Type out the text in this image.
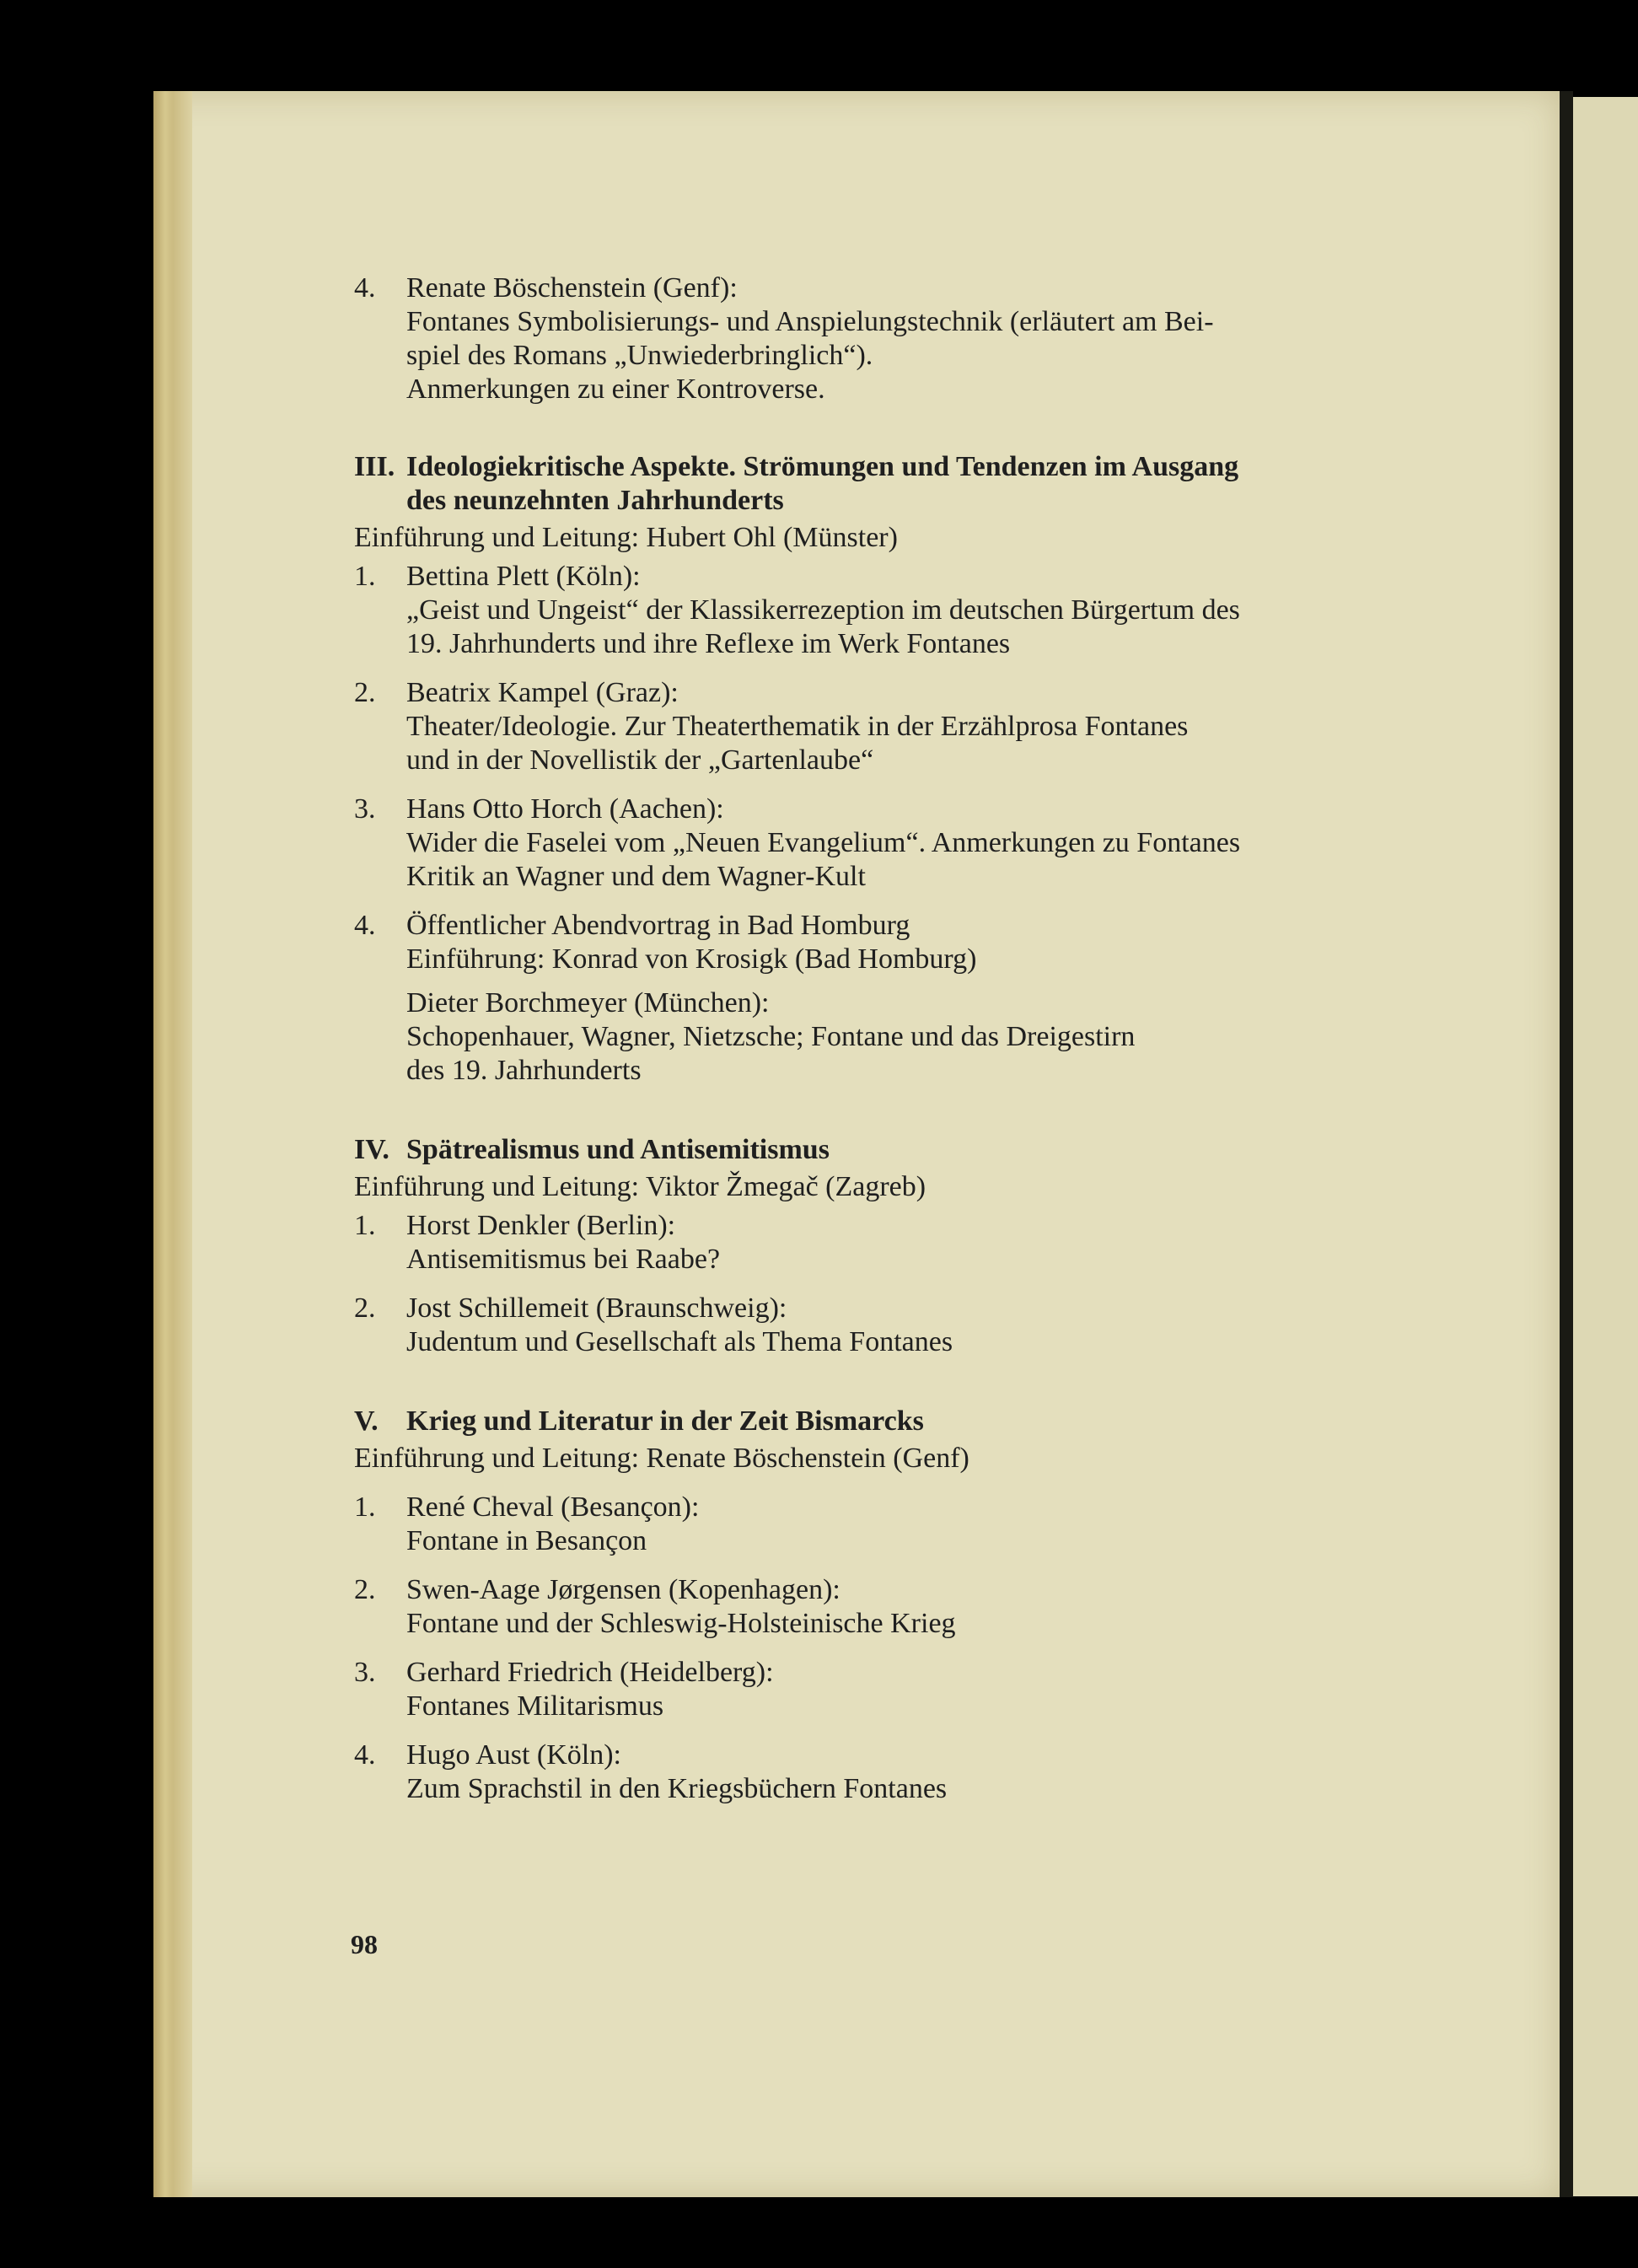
4. Renate Böschenstein (Genf):
Fontanes Symbolisierungs- und Anspielungstechnik (erläutert am Bei-
spiel des Romans „Unwiederbringlich“).
Anmerkungen zu einer Kontroverse.
III. Ideologiekritische Aspekte. Strömungen und Tendenzen im Ausgang
des neunzehnten Jahrhunderts
Einführung und Leitung: Hubert Ohl (Münster)
1. Bettina Plett (Köln):
„Geist und Ungeist“ der Klassikerrezeption im deutschen Bürgertum des
19. Jahrhunderts und ihre Reflexe im Werk Fontanes
2. Beatrix Kampel (Graz):
Theater/Ideologie. Zur Theaterthematik in der Erzählprosa Fontanes
und in der Novellistik der „Gartenlaube“
3. Hans Otto Horch (Aachen):
Wider die Faselei vom „Neuen Evangelium“. Anmerkungen zu Fontanes
Kritik an Wagner und dem Wagner-Kult
4. Öffentlicher Abendvortrag in Bad Homburg
Einführung: Konrad von Krosigk (Bad Homburg)
Dieter Borchmeyer (München):
Schopenhauer, Wagner, Nietzsche; Fontane und das Dreigestirn
des 19. Jahrhunderts
IV. Spätrealismus und Antisemitismus
Einführung und Leitung: Viktor Žmegač (Zagreb)
1. Horst Denkler (Berlin):
Antisemitismus bei Raabe?
2. Jost Schillemeit (Braunschweig):
Judentum und Gesellschaft als Thema Fontanes
V. Krieg und Literatur in der Zeit Bismarcks
Einführung und Leitung: Renate Böschenstein (Genf)
1. René Cheval (Besançon):
Fontane in Besançon
2. Swen-Aage Jørgensen (Kopenhagen):
Fontane und der Schleswig-Holsteinische Krieg
3. Gerhard Friedrich (Heidelberg):
Fontanes Militarismus
4. Hugo Aust (Köln):
Zum Sprachstil in den Kriegsbüchern Fontanes
98
